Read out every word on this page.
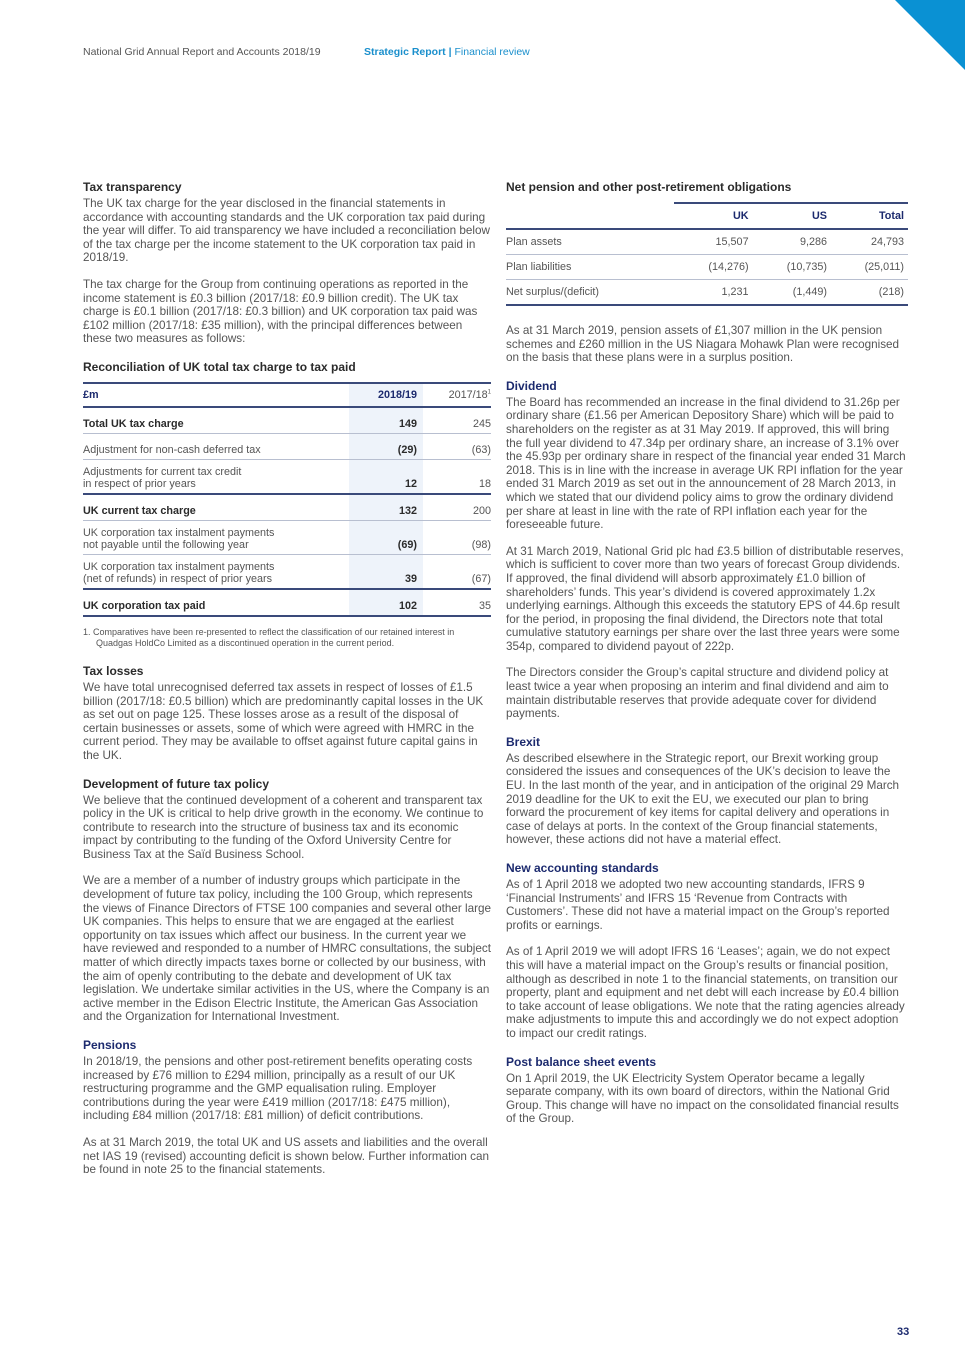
National Grid Annual Report and Accounts 2018/19	Strategic Report | Financial review
Tax transparency

The UK tax charge for the year disclosed in the financial statements in accordance with accounting standards and the UK corporation tax paid during the year will differ. To aid transparency we have included a reconciliation below of the tax charge per the income statement to the UK corporation tax paid in 2018/19.

The tax charge for the Group from continuing operations as reported in the income statement is £0.3 billion (2017/18: £0.9 billion credit). The UK tax charge is £0.1 billion (2017/18: £0.3 billion) and UK corporation tax paid was £102 million (2017/18: £35 million), with the principal differences between these two measures as follows:

Reconciliation of UK total tax charge to tax paid
£m	2018/19	$2017/18^1$
Total UK tax charge	149	245
Adjustment for non-cash deferred tax	(29)	(63)
Adjustments for current tax credit
in respect of prior years	12	18
UK current tax charge	132	200
UK corporation tax instalment payments
not payable until the following year	(69)	(98)
UK corporation tax instalment payments
(net of refunds) in respect of prior years	39	(67)
UK corporation tax paid	102	35
1. Comparatives have been re-presented to reflect the classification of our retained interest in Quadgas HoldCo Limited as a discontinued operation in the current period.
Tax losses

We have total unrecognised deferred tax assets in respect of losses of £1.5 billion (2017/18: £0.5 billion) which are predominantly capital losses in the UK as set out on page 125. These losses arose as a result of the disposal of certain businesses or assets, some of which were agreed with HMRC in the current period. They may be available to offset against future capital gains in the UK.

Development of future tax policy

We believe that the continued development of a coherent and transparent tax policy in the UK is critical to help drive growth in the economy. We continue to contribute to research into the structure of business tax and its economic impact by contributing to the funding of the Oxford University Centre for Business Tax at the Saïd Business School.

We are a member of a number of industry groups which participate in the development of future tax policy, including the 100 Group, which represents the views of Finance Directors of FTSE 100 companies and several other large UK companies. This helps to ensure that we are engaged at the earliest opportunity on tax issues which affect our business. In the current year we have reviewed and responded to a number of HMRC consultations, the subject matter of which directly impacts taxes borne or collected by our business, with the aim of openly contributing to the debate and development of UK tax legislation. We undertake similar activities in the US, where the Company is an active member in the Edison Electric Institute, the American Gas Association and the Organization for International Investment.

Pensions

In 2018/19, the pensions and other post-retirement benefits operating costs increased by £76 million to £294 million, principally as a result of our UK restructuring programme and the GMP equalisation ruling. Employer contributions during the year were £419 million (2017/18: £475 million), including £84 million (2017/18: £81 million) of deficit contributions.

As at 31 March 2019, the total UK and US assets and liabilities and the overall net IAS 19 (revised) accounting deficit is shown below. Further information can be found in note 25 to the financial statements.

Net pension and other post-retirement obligations
	UK	US	Total
Plan assets	15,507	9,286	24,793
Plan liabilities	(14,276)	(10,735)	(25,011)
Net surplus/(deficit)	1,231	(1,449)	(218)

As at 31 March 2019, pension assets of £1,307 million in the UK pension schemes and £260 million in the US Niagara Mohawk Plan were recognised on the basis that these plans were in a surplus position.

Dividend

The Board has recommended an increase in the final dividend to 31.26p per ordinary share (£1.56 per American Depository Share) which will be paid to shareholders on the register as at 31 May 2019. If approved, this will bring the full year dividend to 47.34p per ordinary share, an increase of 3.1% over the 45.93p per ordinary share in respect of the financial year ended 31 March 2018. This is in line with the increase in average UK RPI inflation for the year ended 31 March 2019 as set out in the announcement of 28 March 2013, in which we stated that our dividend policy aims to grow the ordinary dividend per share at least in line with the rate of RPI inflation each year for the foreseeable future.

At 31 March 2019, National Grid plc had £3.5 billion of distributable reserves, which is sufficient to cover more than two years of forecast Group dividends. If approved, the final dividend will absorb approximately £1.0 billion of shareholders’ funds. This year’s dividend is covered approximately 1.2x underlying earnings. Although this exceeds the statutory EPS of 44.6p result for the period, in proposing the final dividend, the Directors note that total cumulative statutory earnings per share over the last three years were some 354p, compared to dividend payout of 222p.

The Directors consider the Group’s capital structure and dividend policy at least twice a year when proposing an interim and final dividend and aim to maintain distributable reserves that provide adequate cover for dividend payments.

Brexit

As described elsewhere in the Strategic report, our Brexit working group considered the issues and consequences of the UK’s decision to leave the EU. In the last month of the year, and in anticipation of the original 29 March 2019 deadline for the UK to exit the EU, we executed our plan to bring forward the procurement of key items for capital delivery and operations in case of delays at ports. In the context of the Group financial statements, however, these actions did not have a material effect.

New accounting standards

As of 1 April 2018 we adopted two new accounting standards, IFRS 9 ‘Financial Instruments’ and IFRS 15 ‘Revenue from Contracts with Customers’. These did not have a material impact on the Group’s reported profits or earnings.

As of 1 April 2019 we will adopt IFRS 16 ‘Leases’; again, we do not expect this will have a material impact on the Group’s results or financial position, although as described in note 1 to the financial statements, on transition our property, plant and equipment and net debt will each increase by £0.4 billion to take account of lease obligations. We note that the rating agencies already make adjustments to impute this and accordingly we do not expect adoption to impact our credit ratings.

Post balance sheet events

On 1 April 2019, the UK Electricity System Operator became a legally separate company, with its own board of directors, within the National Grid Group. This change will have no impact on the consolidated financial results of the Group.

33
